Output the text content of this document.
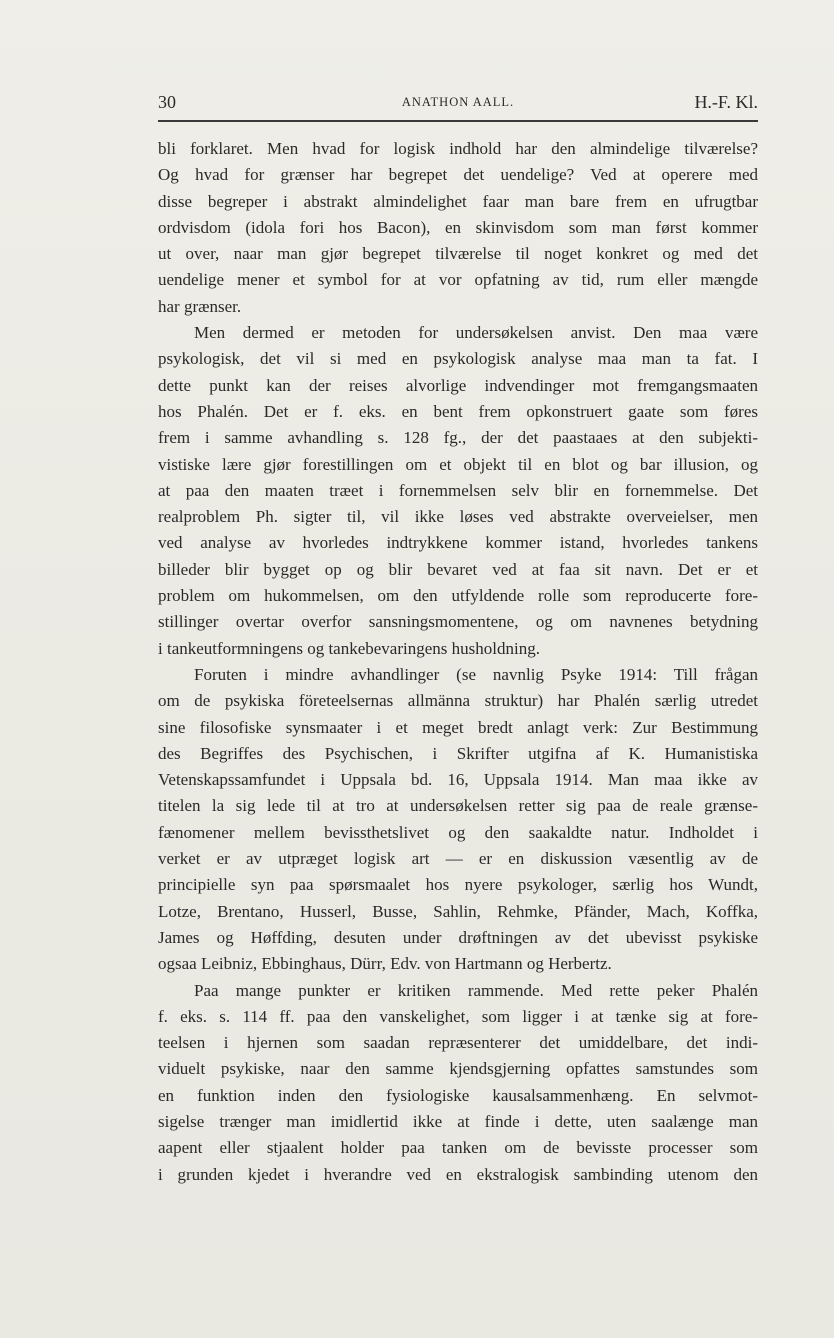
30	ANATHON AALL.	H.-F. Kl.
bli forklaret. Men hvad for logisk indhold har den almindelige tilværelse?
Og hvad for grænser har begrepet det uendelige? Ved at operere med
disse begreper i abstrakt almindelighet faar man bare frem en ufrugtbar
ordvisdom (idola fori hos Bacon), en skinvisdom som man først kommer
ut over, naar man gjør begrepet tilværelse til noget konkret og med det
uendelige mener et symbol for at vor opfatning av tid, rum eller mængde
har grænser.
Men dermed er metoden for undersøkelsen anvist. Den maa være
psykologisk, det vil si med en psykologisk analyse maa man ta fat. I
dette punkt kan der reises alvorlige indvendinger mot fremgangsmaaten
hos Phalén. Det er f. eks. en bent frem opkonstruert gaate som føres
frem i samme avhandling s. 128 fg., der det paastaaes at den subjekti-
vistiske lære gjør forestillingen om et objekt til en blot og bar illusion, og
at paa den maaten træet i fornemmelsen selv blir en fornemmelse. Det
realproblem Ph. sigter til, vil ikke løses ved abstrakte overveielser, men
ved analyse av hvorledes indtrykkene kommer istand, hvorledes tankens
billeder blir bygget op og blir bevaret ved at faa sit navn. Det er et
problem om hukommelsen, om den utfyldende rolle som reproducerte fore-
stillinger overtar overfor sansningsmomentene, og om navnenes betydning
i tankeutformningens og tankebevaringens husholdning.
Foruten i mindre avhandlinger (se navnlig Psyke 1914: Till frågan
om de psykiska företeelsernas allmänna struktur) har Phalén særlig utredet
sine filosofiske synsmaater i et meget bredt anlagt verk: Zur Bestimmung
des Begriffes des Psychischen, i Skrifter utgifna af K. Humanistiska
Vetenskapssamfundet i Uppsala bd. 16, Uppsala 1914. Man maa ikke av
titelen la sig lede til at tro at undersøkelsen retter sig paa de reale grænse-
fænomener mellem bevissthetslivet og den saakaldte natur. Indholdet i
verket er av utpræget logisk art — er en diskussion væsentlig av de
principielle syn paa spørsmaalet hos nyere psykologer, særlig hos Wundt,
Lotze, Brentano, Husserl, Busse, Sahlin, Rehmke, Pfänder, Mach, Koffka,
James og Høffding, desuten under drøftningen av det ubevisst psykiske
ogsaa Leibniz, Ebbinghaus, Dürr, Edv. von Hartmann og Herbertz.
Paa mange punkter er kritiken rammende. Med rette peker Phalén
f. eks. s. 114 ff. paa den vanskelighet, som ligger i at tænke sig at fore-
teelsen i hjernen som saadan repræsenterer det umiddelbare, det indi-
viduelt psykiske, naar den samme kjendsgjerning opfattes samstundes som
en funktion inden den fysiologiske kausalsammenhæng. En selvmot-
sigelse trænger man imidlertid ikke at finde i dette, uten saalænge man
aapent eller stjaalent holder paa tanken om de bevisste processer som
i grunden kjedet i hverandre ved en ekstralogisk sambinding utenom den
